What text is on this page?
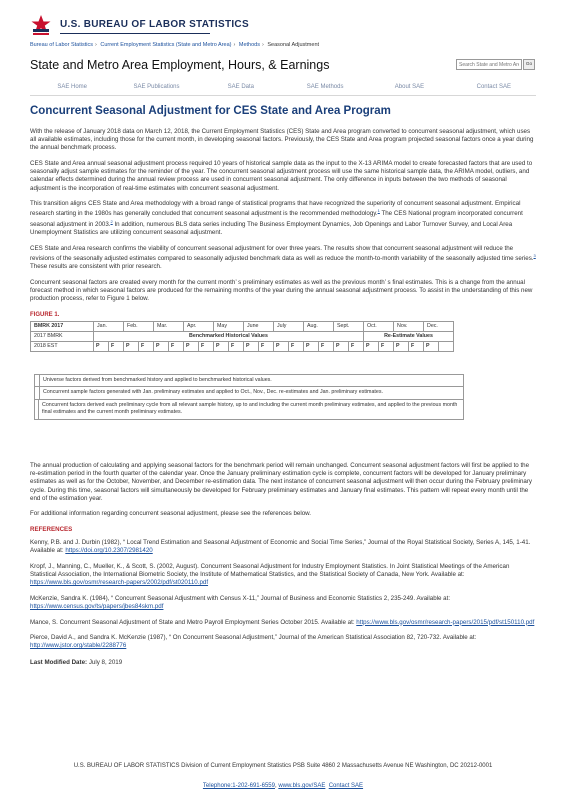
U.S. BUREAU OF LABOR STATISTICS
Bureau of Labor Statistics › Current Employment Statistics (State and Metro Area) › Methods › Seasonal Adjustment
State and Metro Area Employment, Hours, & Earnings
Search State and Metro Area	Go
SAE Home	SAE Publications	SAE Data	SAE Methods	About SAE	Contact SAE
Concurrent Seasonal Adjustment for CES State and Area Program

With the release of January 2018 data on March 12, 2018, the Current Employment Statistics (CES) State and Area program converted to concurrent seasonal adjustment, which uses all available estimates, including those for the current month, in developing seasonal factors. Previously, the CES State and Area program projected seasonal factors once a year during the annual benchmark process.

CES State and Area annual seasonal adjustment process required 10 years of historical sample data as the input to the X-13 ARIMA model to create forecasted factors that are used to seasonally adjust sample estimates for the reminder of the year. The concurrent seasonal adjustment process will use the same historical sample data, the ARIMA model, outliers, and calendar effects determined during the annual review process are used in concurrent seasonal adjustment. The only difference in inputs between the two methods of seasonal adjustment is the incorporation of real-time estimates with concurrent seasonal adjustment.

This transition aligns CES State and Area methodology with a broad range of statistical programs that have recognized the superiority of concurrent seasonal adjustment. Empirical research starting in the 1980s has generally concluded that concurrent seasonal adjustment is the recommended methodology.$^1$ The CES National program incorporated concurrent seasonal adjustment in 2003.$^2$ In addition, numerous BLS data series including The Business Employment Dynamics, Job Openings and Labor Turnover Survey, and Local Area Unemployment Statistics are utilizing concurrent seasonal adjustment.

CES State and Area research confirms the viability of concurrent seasonal adjustment for over three years. The results show that concurrent seasonal adjustment will reduce the revisions of the seasonally adjusted estimates compared to seasonally adjusted benchmark data as well as reduce the month-to-month variability of the seasonally adjusted time series.$^3$ These results are consistent with prior research.

Concurrent seasonal factors are created every month for the current month’ s preliminary estimates as well as the previous month’ s final estimates. This is a change from the annual forecast method in which seasonal factors are produced for the remaining months of the year during the annual seasonal adjustment process. To assist in the understanding of this new production process, refer to Figure 1 below.

FIGURE 1.
BMRK 2017	Jan.		Feb.		Mar.		Apr.		May		June		July		Aug.		Sept.		Oct.		Nov.		Dec.	
2017 BMRK	Benchmarked Historical Values																		Re-Estimate Values					
2018 EST	P	F	P	F	P	F	P	F	P	F	P	F	P	F	P	F	P	F	P	F	P	F	P	
Universe factors derived from benchmarked history and applied to benchmarked historical values.
Concurrent sample factors generated with Jan. preliminary estimates and applied to Oct., Nov., Dec. re-estimates and Jan. preliminary estimates.
Concurrent factors derived each preliminary cycle from all relevant sample history, up to and including the current month preliminary estimates, and applied to the previous month final estimates and the current month preliminary estimates.

The annual production of calculating and applying seasonal factors for the benchmark period will remain unchanged. Concurrent seasonal adjustment factors will first be applied to the re-estimation period in the fourth quarter of the calendar year. Once the January preliminary estimation cycle is complete, concurrent factors will be developed for January preliminary estimates as well as for the October, November, and December re-estimation data. The next instance of concurrent seasonal adjustment will then occur during the February preliminary cycle. During this time, seasonal factors will simultaneously be developed for February preliminary estimates and January final estimates. This pattern will repeat every month until the end of the estimation year.

For additional information regarding concurrent seasonal adjustment, please see the references below.

REFERENCES
Kenny, P.B. and J. Durbin (1982), “ Local Trend Estimation and Seasonal Adjustment of Economic and Social Time Series,” Journal of the Royal Statistical Society, Series A, 145, 1-41. Available at: https://doi.org/10.2307/2981420
Kropf, J., Manning, C., Mueller, K., & Scott, S. (2002, August). Concurrent Seasonal Adjustment for Industry Employment Statistics. In Joint Statistical Meetings of the American Statistical Association, the International Biometric Society, the Institute of Mathematical Statistics, and the Statistical Society of Canada, New York. Available at: https://www.bls.gov/osmr/research-papers/2002/pdf/st020110.pdf
McKenzie, Sandra K. (1984), “ Concurrent Seasonal Adjustment with Census X-11,” Journal of Business and Economic Statistics 2, 235-249. Available at: https://www.census.gov/ts/papers/jbes84skm.pdf
Mance, S. Concurrent Seasonal Adjustment of State and Metro Payroll Employment Series October 2015. Available at: https://www.bls.gov/osmr/research-papers/2015/pdf/st150110.pdf
Pierce, David A., and Sandra K. McKenzie (1987), “ On Concurrent Seasonal Adjustment,” Journal of the American Statistical Association 82, 720-732. Available at: http://www.jstor.org/stable/2288776
Last Modified Date: July 8, 2019
U.S. BUREAU OF LABOR STATISTICS Division of Current Employment Statistics PSB Suite 4860 2 Massachusetts Avenue NE Washington, DC 20212-0001
Telephone:1-202-691-6559, www.bls.gov/SAE Contact SAE
